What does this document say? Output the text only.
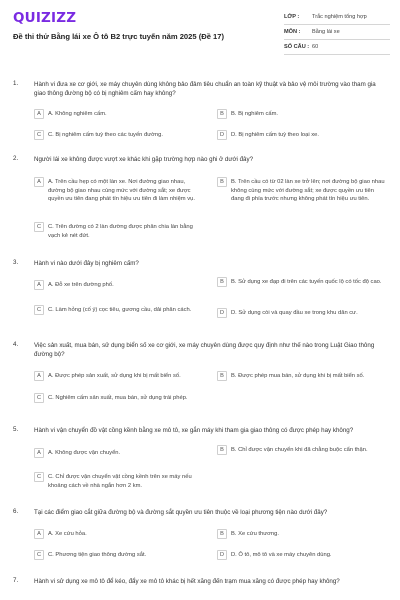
QUIZIZZ
Đề thi thử Bằng lái xe Ô tô B2 trực tuyến năm 2025 (Đề 17)
LỚP :	Trắc nghiệm tổng hợp
MÔN :	Bằng lái xe
SỐ CÂU : 60
1.	Hành vi đưa xe cơ giới, xe máy chuyên dùng không bảo đảm tiêu chuẩn an toàn kỹ thuật và bảo vệ môi trường vào tham gia giao thông đường bộ có bị nghiêm cấm hay không?
A	A. Không nghiêm cấm.	B	B. Bị nghiêm cấm.
C	C. Bị nghiêm cấm tuỳ theo các tuyến đường.	D	D. Bị nghiêm cấm tuỳ theo loại xe.
2.	Người lái xe không được vượt xe khác khi gặp trường hợp nào ghi ở dưới đây?
A	A. Trên cầu hẹp có một làn xe. Nơi đường giao nhau, đường bộ giao nhau cùng mức với đường sắt; xe được quyền ưu tiên đang phát tín hiệu ưu tiên đi làm nhiệm vụ.
B	B. Trên cầu có từ 02 làn xe trở lên; nơi đường bộ giao nhau không cùng mức với đường sắt; xe được quyền ưu tiên đang đi phía trước nhưng không phát tín hiệu ưu tiên.
C	C. Trên đường có 2 làn đường được phân chia làn bằng vạch kẻ nét đứt.
3.	Hành vi nào dưới đây bị nghiêm cấm?
A	A. Đỗ xe trên đường phố.	B	B. Sử dụng xe đạp đi trên các tuyến quốc lộ có tốc độ cao.
C	C. Làm hỏng (cố ý) cọc tiêu, gương cầu, dải phân cách.	D	D. Sử dụng còi và quay đầu xe trong khu dân cư.
4.	Việc sản xuất, mua bán, sử dụng biển số xe cơ giới, xe máy chuyên dùng được quy định như thế nào trong Luật Giao thông đường bộ?
A	A. Được phép sản xuất, sử dụng khi bị mất biển số.	B	B. Được phép mua bán, sử dụng khi bị mất biển số.
C	C. Nghiêm cấm sản xuất, mua bán, sử dụng trái phép.
5.	Hành vi vận chuyển đồ vật cồng kềnh bằng xe mô tô, xe gắn máy khi tham gia giao thông có được phép hay không?
A	A. Không được vận chuyển.	B	B. Chỉ được vận chuyển khi đã chằng buộc cẩn thận.
C	C. Chỉ được vận chuyển vật cồng kềnh trên xe máy nếu khoảng cách về nhà ngắn hơn 2 km.
6.	Tại các điểm giao cắt giữa đường bộ và đường sắt quyền ưu tiên thuộc về loại phương tiện nào dưới đây?
A	A. Xe cứu hỏa.	B	B. Xe cứu thương.
C	C. Phương tiện giao thông đường sắt.	D	D. Ô tô, mô tô và xe máy chuyên dùng.
7.	Hành vi sử dụng xe mô tô để kéo, đẩy xe mô tô khác bị hết xăng đến trạm mua xăng có được phép hay không?
